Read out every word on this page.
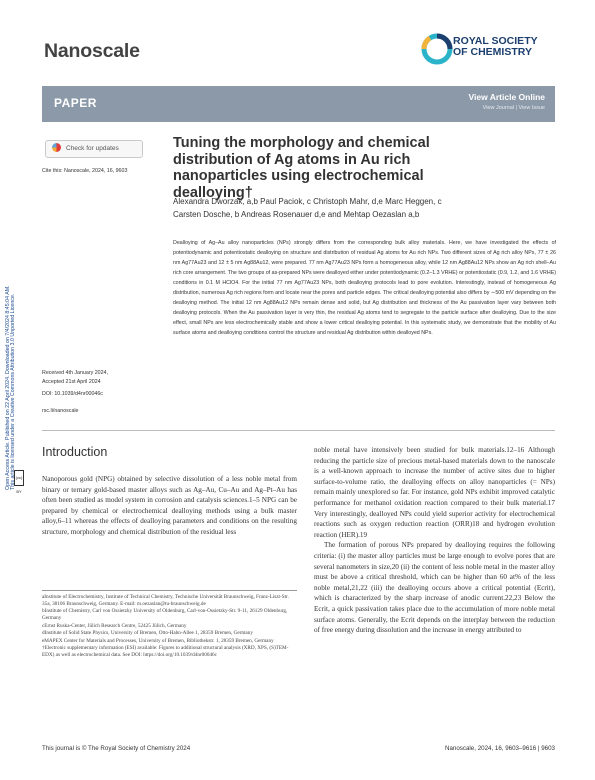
Nanoscale	ROYAL SOCIETY
OF CHEMISTRY
PAPER	View Article Online
View Journal | View Issue
Open Access Article. Published on 22 April 2024. Downloaded on 7/4/2024 8:45:04 AM.
This article is licensed under a Creative Commons Attribution 3.0 Unported Licence. (cc) BY
Check for updates
Cite this: Nanoscale, 2024, 16, 9603
Tuning the morphology and chemical distribution of Ag atoms in Au rich nanoparticles using electrochemical dealloying†
Alexandra Dworzak, a,b Paul Paciok, c Christoph Mahr, d,e Marc Heggen, c
Carsten Dosche, b Andreas Rosenauer d,e and Mehtap Oezaslan a,b
Dealloying of Ag–Au alloy nanoparticles (NPs) strongly differs from the corresponding bulk alloy materials. Here, we have investigated the effects of potentiodynamic and potentiostatic dealloying on structure and distribution of residual Ag atoms for Au rich NPs. Two different sizes of Ag rich alloy NPs, 77 ± 26 nm Ag77Au23 and 12 ± 5 nm Ag88Au12, were prepared. 77 nm Ag77Au23 NPs form a homogeneous alloy, while 12 nm Ag88Au12 NPs show an Ag rich shell–Au rich core arrangement. The two groups of as-prepared NPs were dealloyed either under potentiodynamic (0.2–1.3 VRHE) or potentiostatic (0.9, 1.2, and 1.6 VRHE) conditions in 0.1 M HClO4. For the initial 77 nm Ag77Au23 NPs, both dealloying protocols lead to pore evolution. Interestingly, instead of homogeneous Ag distribution, numerous Ag rich regions form and locate near the pores and particle edges. The critical dealloying potential also differs by ∼500 mV depending on the dealloying method. The initial 12 nm Ag88Au12 NPs remain dense and solid, but Ag distribution and thickness of the Au passivation layer vary between both dealloying protocols. When the Au passivation layer is very thin, the residual Ag atoms tend to segregate to the particle surface after dealloying. Due to the size effect, small NPs are less electrochemically stable and show a lower critical dealloying potential. In this systematic study, we demonstrate that the mobility of Au surface atoms and dealloying conditions control the structure and residual Ag distribution within dealloyed NPs.
Received 4th January 2024,
Accepted 21st April 2024
DOI: 10.1039/d4nr00046c
rsc.li/nanoscale
Introduction
Nanoporous gold (NPG) obtained by selective dissolution of a less noble metal from binary or ternary gold-based master alloys such as Ag–Au, Cu–Au and Ag–Pt–Au has often been studied as model system in corrosion and catalysis sciences.1–5 NPG can be prepared by chemical or electrochemical dealloying methods using a bulk master alloy,6–11 whereas the effects of dealloying parameters and conditions on the resulting structure, morphology and chemical distribution of the residual less
noble metal have intensively been studied for bulk materials.12–16 Although reducing the particle size of precious metal-based materials down to the nanoscale is a well-known approach to increase the number of active sites due to higher surface-to-volume ratio, the dealloying effects on alloy nanoparticles (= NPs) remain mainly unexplored so far. For instance, gold NPs exhibit improved catalytic performance for methanol oxidation reaction compared to their bulk material.17 Very interestingly, dealloyed NPs could yield superior activity for electrochemical reactions such as oxygen reduction reaction (ORR)18 and hydrogen evolution reaction (HER).19
The formation of porous NPs prepared by dealloying requires the following criteria: (i) the master alloy particles must be large enough to evolve pores that are several nanometers in size,20 (ii) the content of less noble metal in the master alloy must be above a critical threshold, which can be higher than 60 at% of the less noble metal,21,22 (iii) the dealloying occurs above a critical potential (Ecrit), which is characterized by the sharp increase of anodic current.22,23 Below the Ecrit, a quick passivation takes place due to the accumulation of more noble metal surface atoms. Generally, the Ecrit depends on the interplay between the reduction of free energy during dissolution and the increase in energy attributed to

aInstitute of Electrochemistry, Institute of Technical Chemistry, Technische Universität Braunschweig, Franz-Liszt-Str. 35a, 38106 Braunschweig, Germany. E-mail: m.oezaslan@tu-braunschweig.de

bInstitute of Chemistry, Carl von Ossietzky University of Oldenburg, Carl-von-Ossietzky-Str. 9-11, 26129 Oldenburg, Germany

cErnst Ruska-Center, Jülich Research Centre, 52425 Jülich, Germany

dInstitute of Solid State Physics, University of Bremen, Otto-Hahn-Allee 1, 28359 Bremen, Germany

eMAPEX Center for Materials and Processes, University of Bremen, Bibliothekstr. 1, 28359 Bremen, Germany

†Electronic supplementary information (ESI) available: Figures to additional structural analysis (XRD, XPS, (S)TEM-EDX) as well as electrochemical data. See DOI: https://doi.org/10.1039/d4nr00046c

This journal is © The Royal Society of Chemistry 2024	Nanoscale, 2024, 16, 9603–9616 | 9603
